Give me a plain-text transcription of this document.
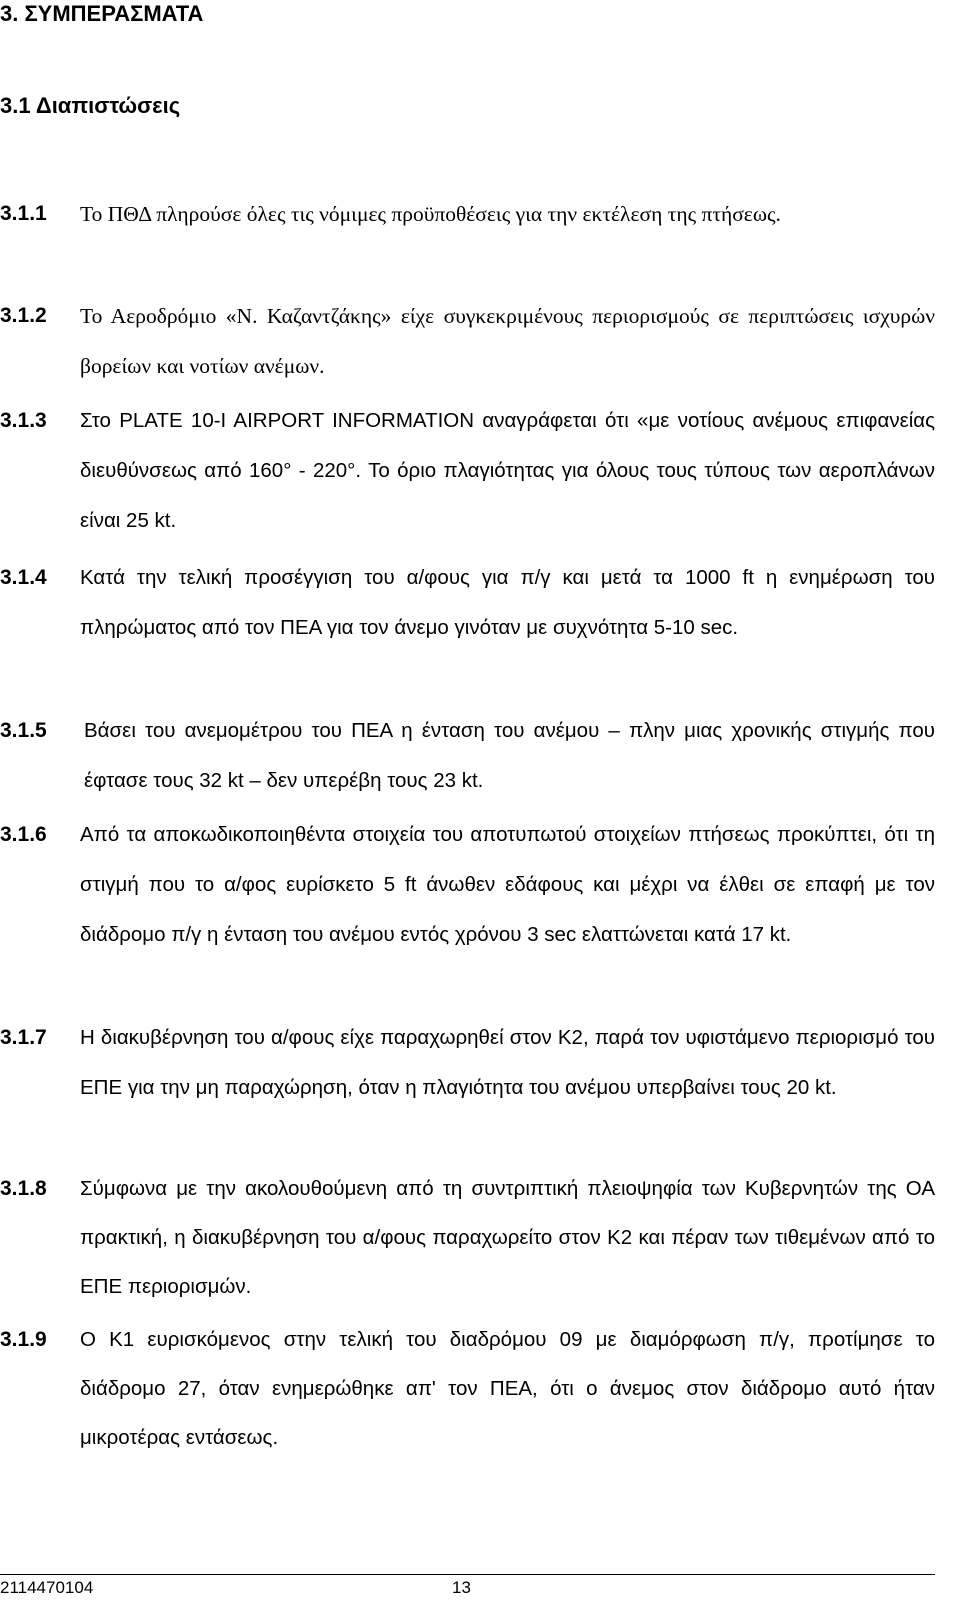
3. ΣΥΜΠΕΡΑΣΜΑΤΑ
3.1 Διαπιστώσεις
3.1.1 Το ΠΘΔ πληρούσε όλες τις νόμιμες προϋποθέσεις για την εκτέλεση της πτήσεως.
3.1.2 Το Αεροδρόμιο «Ν. Καζαντζάκης» είχε συγκεκριμένους περιορισμούς σε περιπτώσεις ισχυρών βορείων και νοτίων ανέμων.
3.1.3 Στο PLATE 10-I AIRPORT INFORMATION αναγράφεται ότι «με νοτίους ανέμους επιφανείας διευθύνσεως από 160° - 220°. Το όριο πλαγιότητας για όλους τους τύπους των αεροπλάνων είναι 25 kt.
3.1.4 Κατά την τελική προσέγγιση του α/φους για π/γ και μετά τα 1000 ft η ενημέρωση του πληρώματος από τον ΠΕΑ για τον άνεμο γινόταν με συχνότητα 5-10 sec.
3.1.5 Βάσει του ανεμομέτρου του ΠΕΑ η ένταση του ανέμου – πλην μιας χρονικής στιγμής που έφτασε τους 32 kt – δεν υπερέβη τους 23 kt.
3.1.6 Από τα αποκωδικοποιηθέντα στοιχεία του αποτυπωτού στοιχείων πτήσεως προκύπτει, ότι τη στιγμή που το α/φος ευρίσκετο 5 ft άνωθεν εδάφους και μέχρι να έλθει σε επαφή με τον διάδρομο π/γ η ένταση του ανέμου εντός χρόνου 3 sec ελαττώνεται κατά 17 kt.
3.1.7 Η διακυβέρνηση του α/φους είχε παραχωρηθεί στον Κ2, παρά τον υφιστάμενο περιορισμό του ΕΠΕ για την μη παραχώρηση, όταν η πλαγιότητα του ανέμου υπερβαίνει τους 20 kt.
3.1.8 Σύμφωνα με την ακολουθούμενη από τη συντριπτική πλειοψηφία των Κυβερνητών της ΟΑ πρακτική, η διακυβέρνηση του α/φους παραχωρείτο στον Κ2 και πέραν των τιθεμένων από το ΕΠΕ περιορισμών.
3.1.9 Ο Κ1 ευρισκόμενος στην τελική του διαδρόμου 09 με διαμόρφωση π/γ, προτίμησε το διάδρομο 27, όταν ενημερώθηκε απ' τον ΠΕΑ, ότι ο άνεμος στον διάδρομο αυτό ήταν μικροτέρας εντάσεως.
2114470104	13
